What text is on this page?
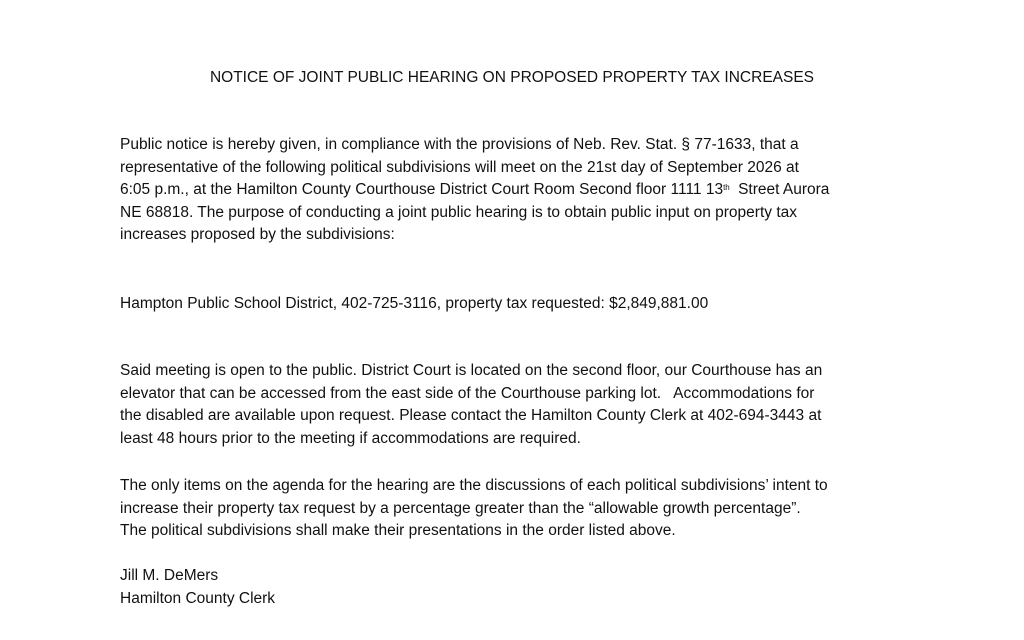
NOTICE OF JOINT PUBLIC HEARING ON PROPOSED PROPERTY TAX INCREASES

Public notice is hereby given, in compliance with the provisions of Neb. Rev. Stat. § 77-1633, that a
representative of the following political subdivisions will meet on the 21st day of September 2026 at
6:05 p.m., at the Hamilton County Courthouse District Court Room Second floor 1111 13th Street Aurora
NE 68818. The purpose of conducting a joint public hearing is to obtain public input on property tax
increases proposed by the subdivisions:

Hampton Public School District, 402-725-3116, property tax requested: $2,849,881.00

Said meeting is open to the public. District Court is located on the second floor, our Courthouse has an
elevator that can be accessed from the east side of the Courthouse parking lot.   Accommodations for
the disabled are available upon request. Please contact the Hamilton County Clerk at 402-694-3443 at
least 48 hours prior to the meeting if accommodations are required.

The only items on the agenda for the hearing are the discussions of each political subdivisions’ intent to
increase their property tax request by a percentage greater than the “allowable growth percentage”.
The political subdivisions shall make their presentations in the order listed above.

Jill M. DeMers
Hamilton County Clerk
